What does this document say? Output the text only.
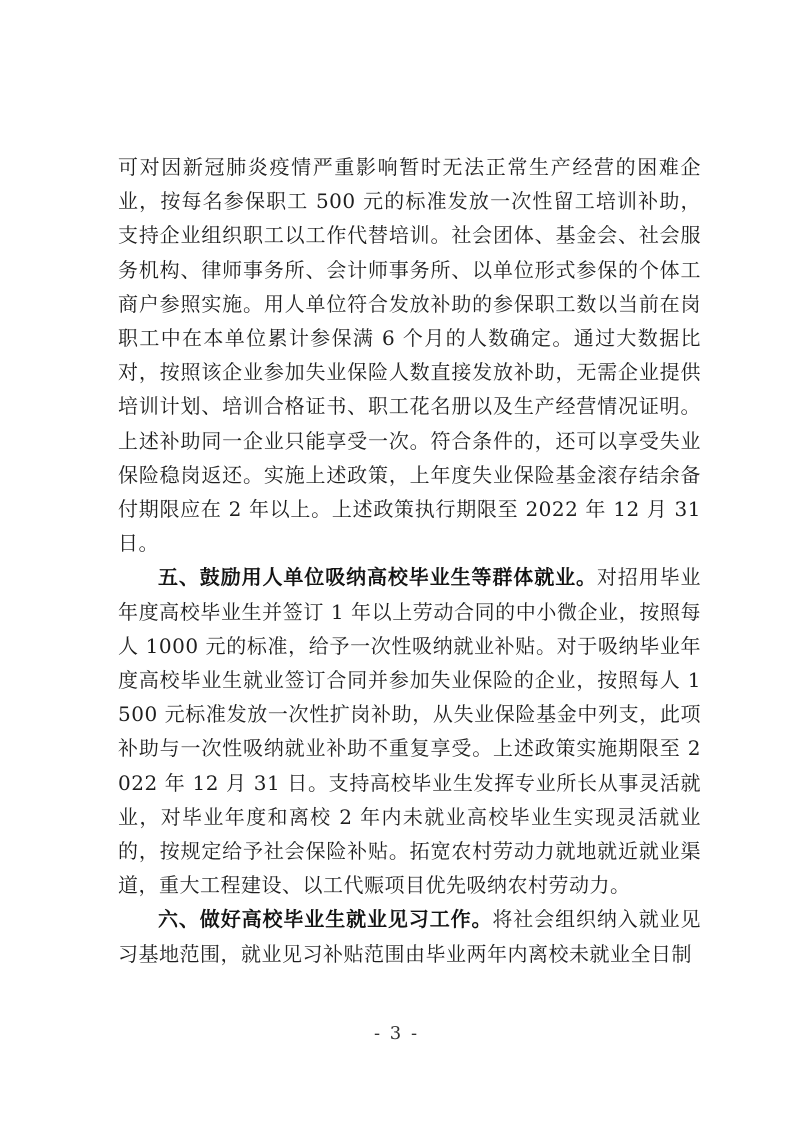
可对因新冠肺炎疫情严重影响暂时无法正常生产经营的困难企业，按每名参保职工 500 元的标准发放一次性留工培训补助，支持企业组织职工以工作代替培训。社会团体、基金会、社会服务机构、律师事务所、会计师事务所、以单位形式参保的个体工商户参照实施。用人单位符合发放补助的参保职工数以当前在岗职工中在本单位累计参保满 6 个月的人数确定。通过大数据比对，按照该企业参加失业保险人数直接发放补助，无需企业提供培训计划、培训合格证书、职工花名册以及生产经营情况证明。上述补助同一企业只能享受一次。符合条件的，还可以享受失业保险稳岗返还。实施上述政策，上年度失业保险基金滚存结余备付期限应在 2 年以上。上述政策执行期限至 2022 年 12 月 31 日。

五、鼓励用人单位吸纳高校毕业生等群体就业。对招用毕业年度高校毕业生并签订 1 年以上劳动合同的中小微企业，按照每人 1000 元的标准，给予一次性吸纳就业补贴。对于吸纳毕业年度高校毕业生就业签订合同并参加失业保险的企业，按照每人 1500 元标准发放一次性扩岗补助，从失业保险基金中列支，此项补助与一次性吸纳就业补助不重复享受。上述政策实施期限至 2022 年 12 月 31 日。支持高校毕业生发挥专业所长从事灵活就业，对毕业年度和离校 2 年内未就业高校毕业生实现灵活就业的，按规定给予社会保险补贴。拓宽农村劳动力就地就近就业渠道，重大工程建设、以工代赈项目优先吸纳农村劳动力。

六、做好高校毕业生就业见习工作。将社会组织纳入就业见习基地范围，就业见习补贴范围由毕业两年内离校未就业全日制

- 3 -
